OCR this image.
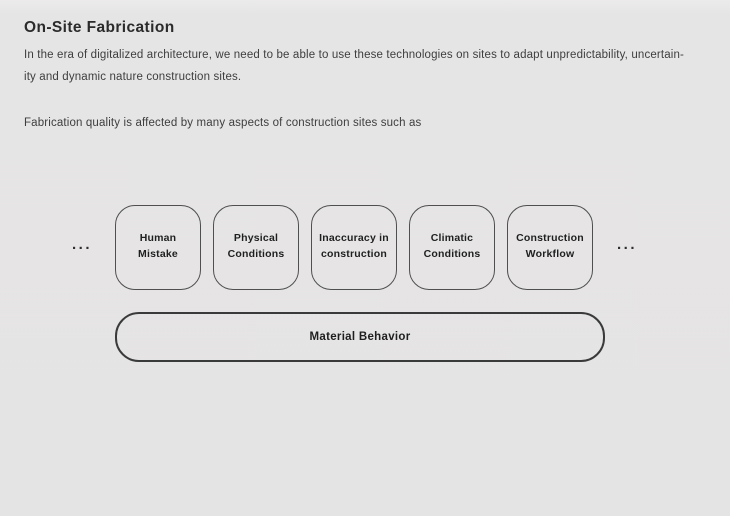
On-Site Fabrication
In the era of digitalized architecture, we need to be able to use these technologies on sites to adapt unpredictability, uncertain-
ity and dynamic nature construction sites.
Fabrication quality is affected by many aspects of construction sites such as
...	Human Mistake
Physical Conditions
Inaccuracy in construction
Climatic Conditions
Construction Workflow
...
Material Behavior
